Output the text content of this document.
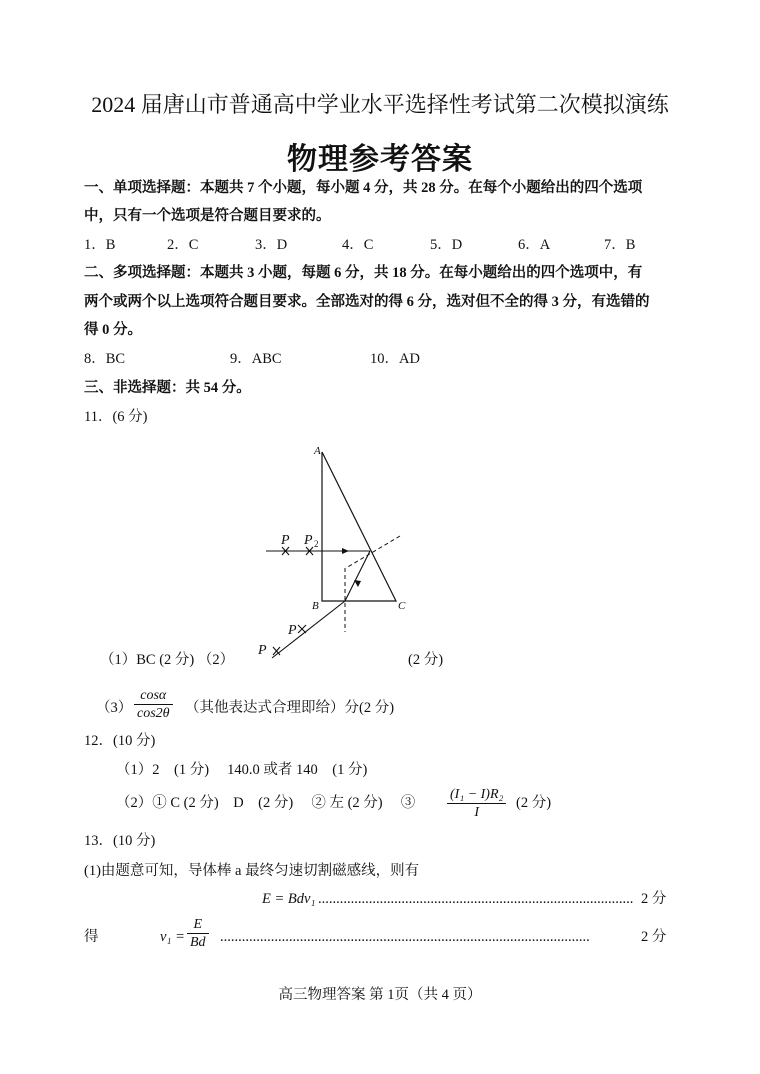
2024 届唐山市普通高中学业水平选择性考试第二次模拟演练
物理参考答案
一、单项选择题：本题共 7 个小题，每小题 4 分，共 28 分。在每个小题给出的四个选项
中，只有一个选项是符合题目要求的。
1．B	2．C	3．D	4．C	5．D	6．A	7．B
二、多项选择题：本题共 3 小题，每题 6 分，共 18 分。在每小题给出的四个选项中，有
两个或两个以上选项符合题目要求。全部选对的得 6 分，选对但不全的得 3 分，有选错的
得 0 分。
8．BC	9．ABC	10．AD
三、非选择题：共 54 分。
11．(6 分)
A
B	C
P P
P
P
2
（1）BC (2 分) （2）	(2 分)
$(3) \frac{\cos\alpha}{\cos 2\theta}$ （其他表达式合理即给）分(2 分)
12．(10 分)
（1）2　(1 分)　 140.0 或者 140　(1 分)
（2）① C (2 分)　D　(2 分)　 ② 左 (2 分)　 ③ $\frac{\text{(I₁ − I)R₂}}{I} (2$ 分)
13．(10 分)
(1)由题意可知，导体棒 a 最终匀速切割磁感线，则有
E = Bdv₁ ....................................................................................... 2 分
得	$v_1 = \frac{E}{Bd}$ ......................................................................................................	2 分
高三物理答案 第 1页（共 4 页）
